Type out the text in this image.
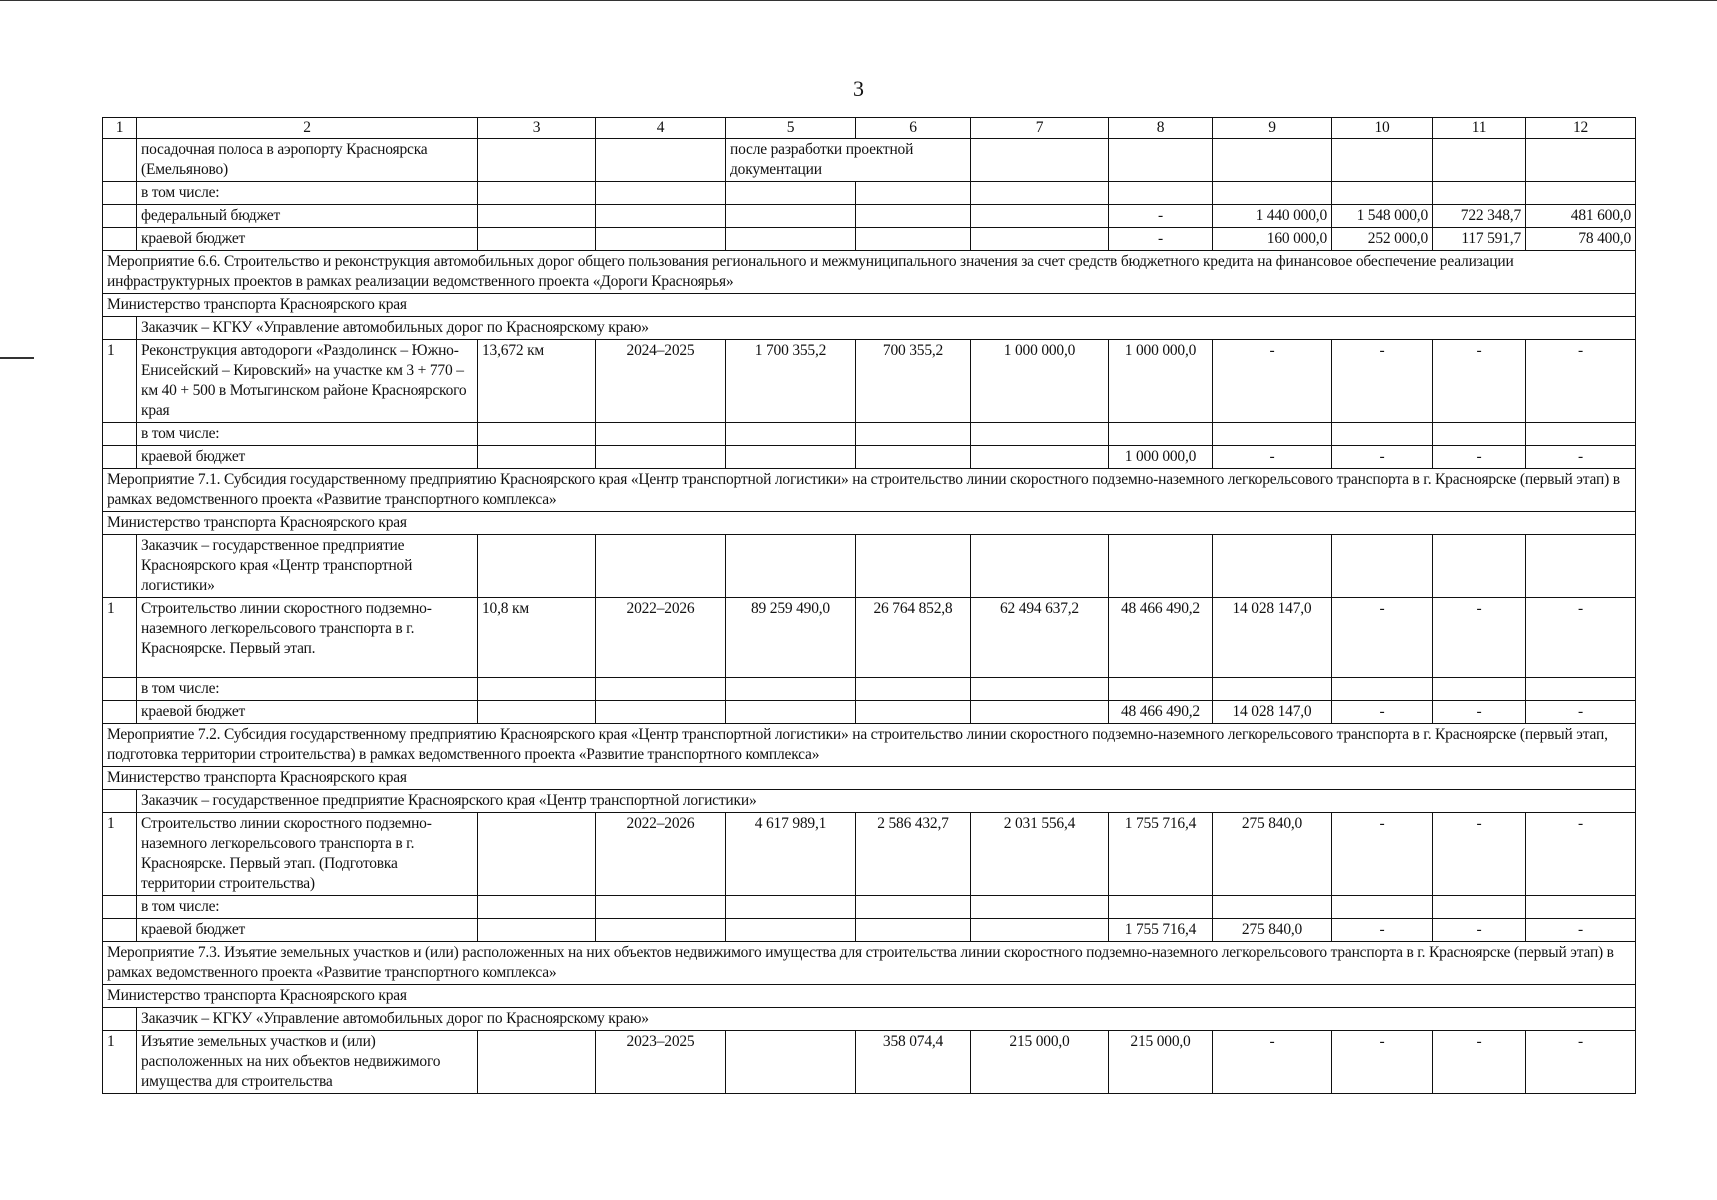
3
1	2	3	4	5	6	7	8	9	10	11	12
	посадочная полоса в аэропорту Красноярска (Емельяново)			после разработки проектной документации							
	в том числе:										
	федеральный бюджет						-	1 440 000,0	1 548 000,0	722 348,7	481 600,0
	краевой бюджет						-	160 000,0	252 000,0	117 591,7	78 400,0
Мероприятие 6.6. Строительство и реконструкция автомобильных дорог общего пользования регионального и межмуниципального значения за счет средств бюджетного кредита на финансовое обеспечение реализации инфраструктурных проектов в рамках реализации ведомственного проекта «Дороги Красноярья»											
Министерство транспорта Красноярского края											
	Заказчик – КГКУ «Управление автомобильных дорог по Красноярскому краю»										
1	Реконструкция автодороги «Раздолинск – Южно-Енисейский – Кировский» на участке км 3 + 770 – км 40 + 500 в Мотыгинском районе Красноярского края	13,672 км	2024–2025	1 700 355,2	700 355,2	1 000 000,0	1 000 000,0	-	-	-	-
	в том числе:										
	краевой бюджет						1 000 000,0	-	-	-	-
Мероприятие 7.1. Субсидия государственному предприятию Красноярского края «Центр транспортной логистики» на строительство линии скоростного подземно-наземного легкорельсового транспорта в г. Красноярске (первый этап) в рамках ведомственного проекта «Развитие транспортного комплекса»											
Министерство транспорта Красноярского края											
	Заказчик – государственное предприятие Красноярского края «Центр транспортной логистики»										
1	Строительство линии скоростного подземно-наземного легкорельсового транспорта в г. Красноярске. Первый этап.	10,8 км	2022–2026	89 259 490,0	26 764 852,8	62 494 637,2	48 466 490,2	14 028 147,0	-	-	-
	в том числе:										
	краевой бюджет						48 466 490,2	14 028 147,0	-	-	-
Мероприятие 7.2. Субсидия государственному предприятию Красноярского края «Центр транспортной логистики» на строительство линии скоростного подземно-наземного легкорельсового транспорта в г. Красноярске (первый этап, подготовка территории строительства) в рамках ведомственного проекта «Развитие транспортного комплекса»											
Министерство транспорта Красноярского края											
	Заказчик – государственное предприятие Красноярского края «Центр транспортной логистики»										
1	Строительство линии скоростного подземно-наземного легкорельсового транспорта в г. Красноярске. Первый этап. (Подготовка территории строительства)		2022–2026	4 617 989,1	2 586 432,7	2 031 556,4	1 755 716,4	275 840,0	-	-	-
	в том числе:										
	краевой бюджет						1 755 716,4	275 840,0	-	-	-
Мероприятие 7.3. Изъятие земельных участков и (или) расположенных на них объектов недвижимого имущества для строительства линии скоростного подземно-наземного легкорельсового транспорта в г. Красноярске (первый этап) в рамках ведомственного проекта «Развитие транспортного комплекса»											
Министерство транспорта Красноярского края											
	Заказчик – КГКУ «Управление автомобильных дорог по Красноярскому краю»										
1	Изъятие земельных участков и (или) расположенных на них объектов недвижимого имущества для строительства		2023–2025		358 074,4	215 000,0	215 000,0	-	-	-	-
